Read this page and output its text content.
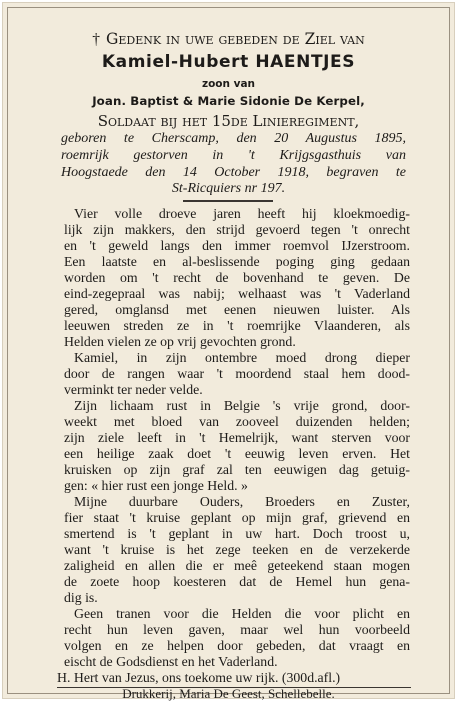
† Gedenk in uwe gebeden de Ziel van
Kamiel-Hubert HAENTJES
zoon van
Joan. Baptist & Marie Sidonie De Kerpel,
Soldaat bij het 15de Linieregiment,
geboren te Cherscamp, den 20 Augustus 1895,
roemrijk gestorven in 't Krijgsgasthuis van
Hoogstaede den 14 October 1918, begraven te
St-Ricquiers nr 197.
Vier volle droeve jaren heeft hij kloekmoedig-
lijk zijn makkers, den strijd gevoerd tegen 't onrecht
en 't geweld langs den immer roemvol IJzerstroom.
Een laatste en al-beslissende poging ging gedaan
worden om 't recht de bovenhand te geven. De
eind-zegepraal was nabij; welhaast was 't Vaderland
gered, omglansd met eenen nieuwen luister. Als
leeuwen streden ze in 't roemrijke Vlaanderen, als
Helden vielen ze op vrij gevochten grond.
Kamiel, in zijn ontembre moed drong dieper
door de rangen waar 't moordend staal hem dood-
verminkt ter neder velde.
Zijn lichaam rust in Belgie 's vrije grond, door-
weekt met bloed van zooveel duizenden helden;
zijn ziele leeft in 't Hemelrijk, want sterven voor
een heilige zaak doet 't eeuwig leven erven. Het
kruisken op zijn graf zal ten eeuwigen dag getuig-
gen: « hier rust een jonge Held. »
Mijne duurbare Ouders, Broeders en Zuster,
fier staat 't kruise geplant op mijn graf, grievend en
smertend is 't geplant in uw hart. Doch troost u,
want 't kruise is het zege teeken en de verzekerde
zaligheid en allen die er meê geteekend staan mogen
de zoete hoop koesteren dat de Hemel hun gena-
dig is.
Geen tranen voor die Helden die voor plicht en
recht hun leven gaven, maar wel hun voorbeeld
volgen en ze helpen door gebeden, dat vraagt en
eischt de Godsdienst en het Vaderland.
H. Hert van Jezus, ons toekome uw rijk. (300d.afl.)
Drukkerij, Maria De Geest, Schellebelle.
